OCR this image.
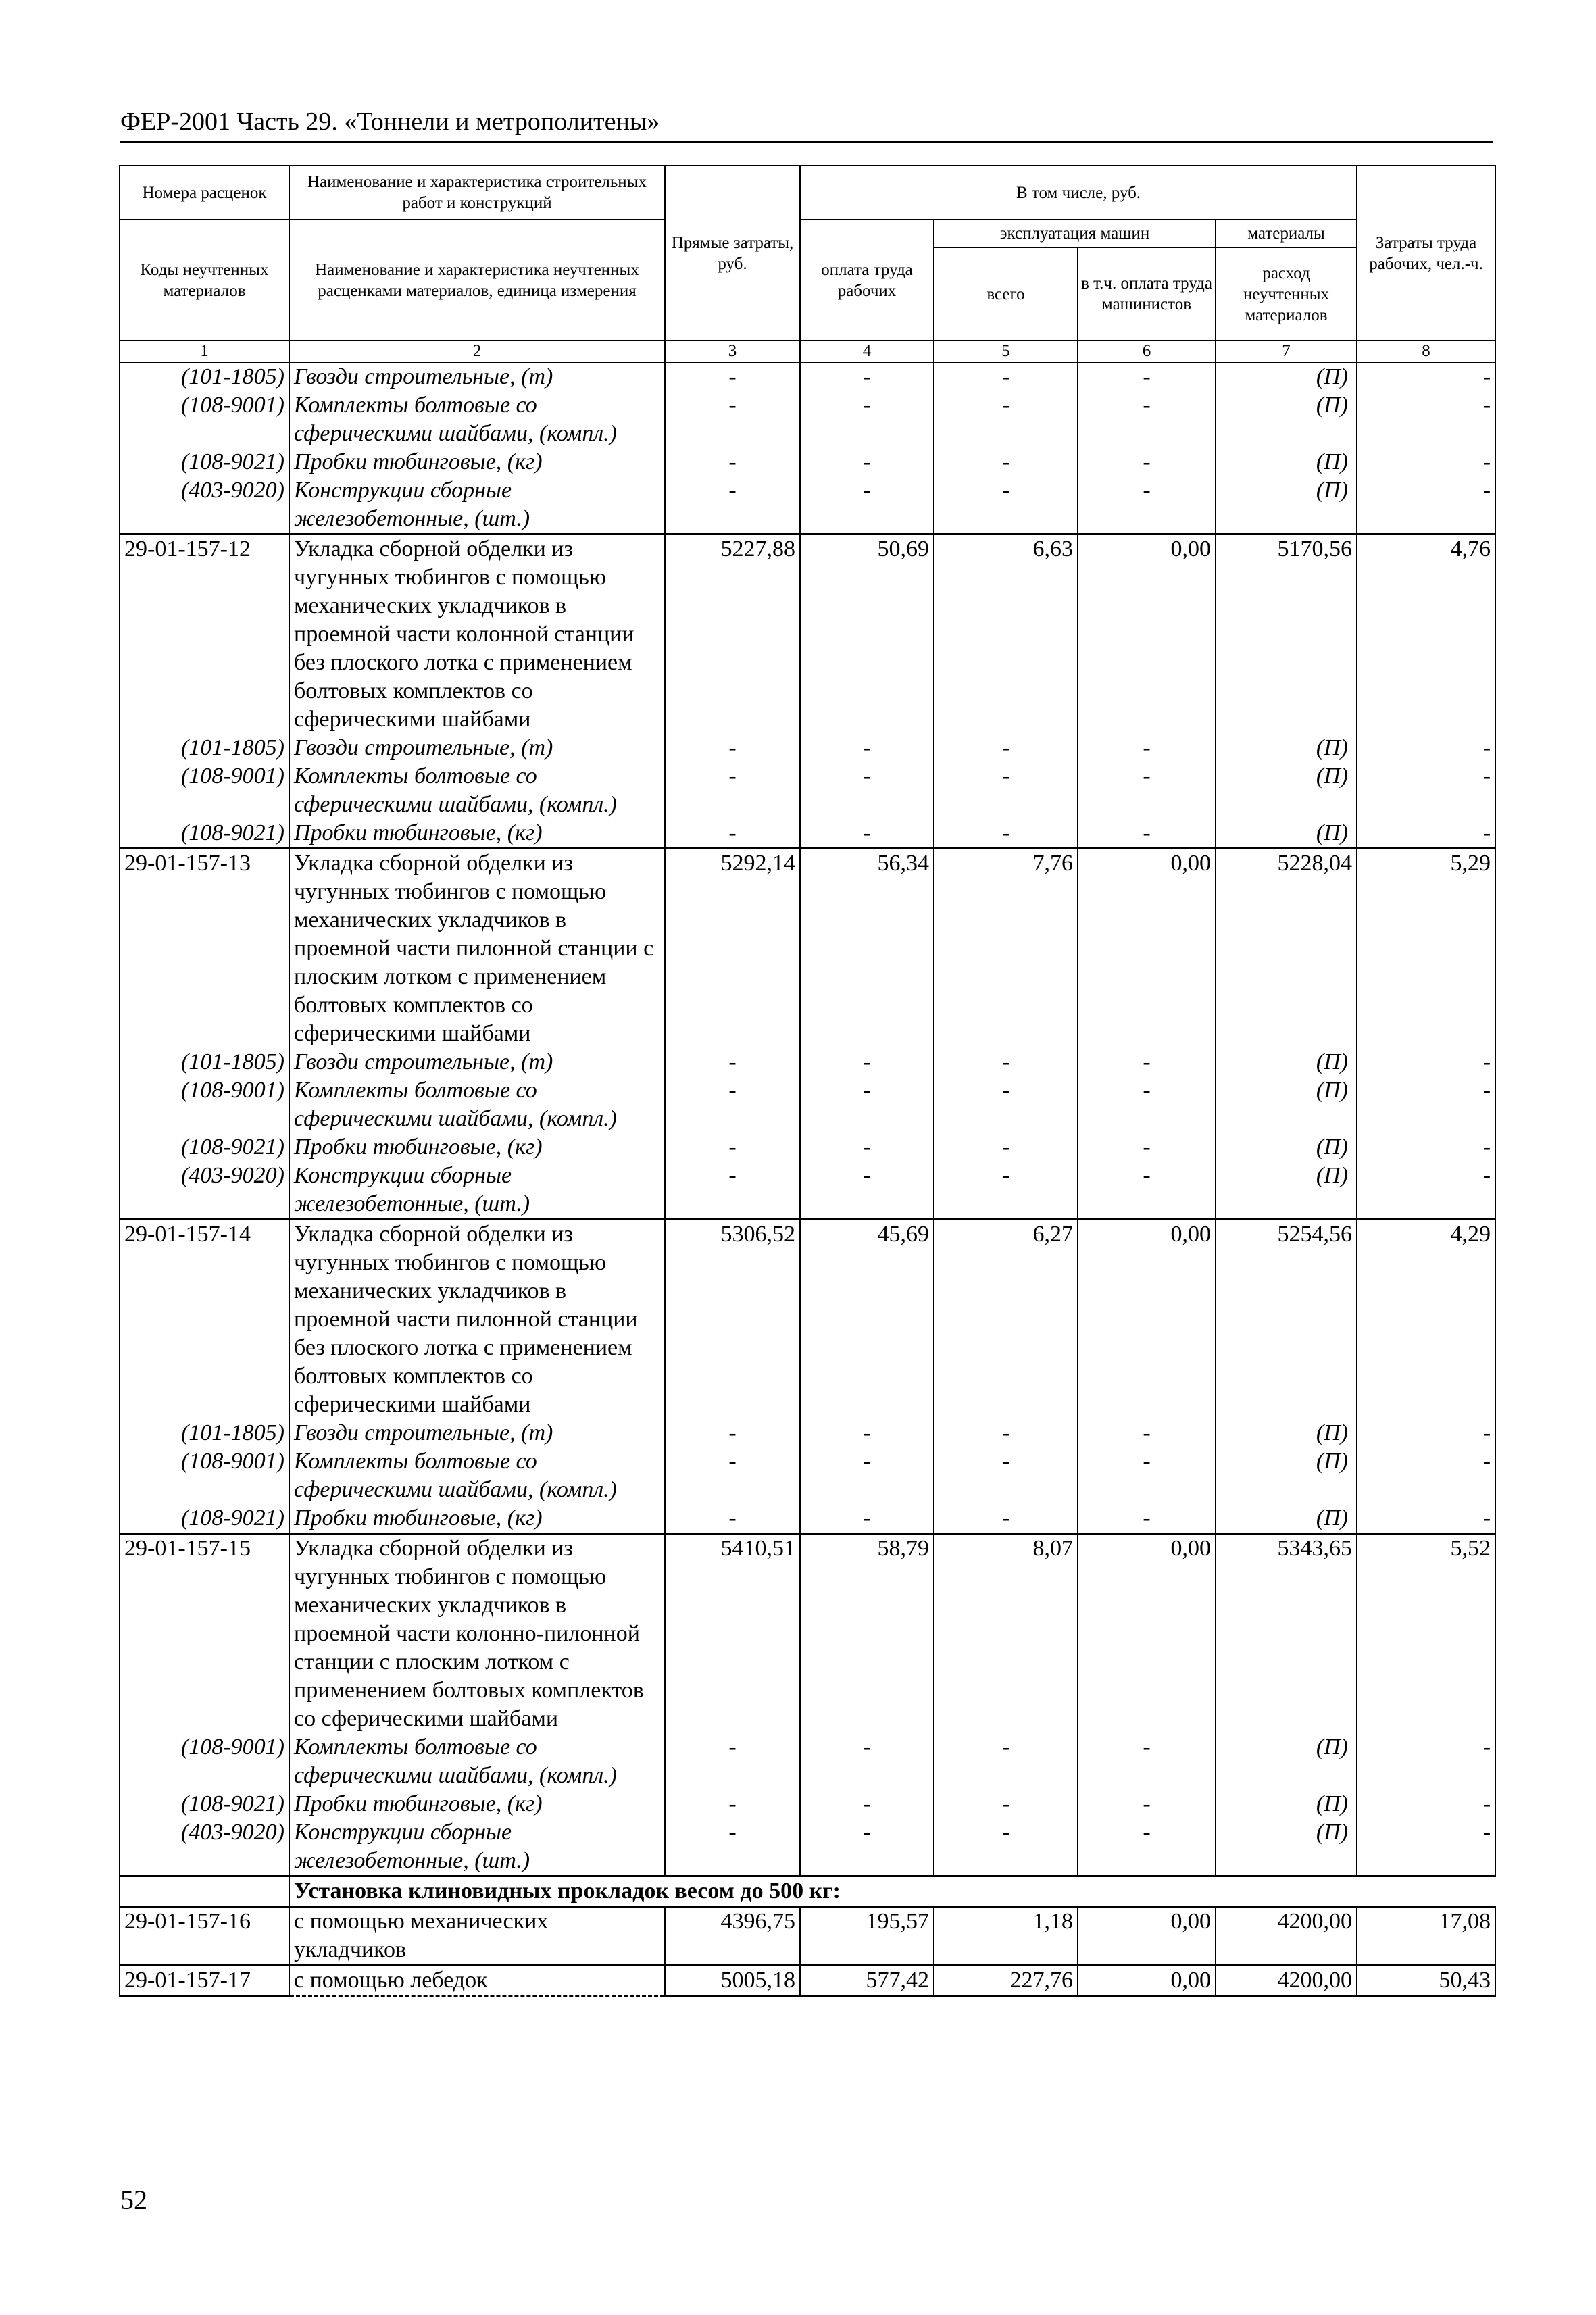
ФЕР-2001 Часть 29. «Тоннели и метрополитены»
Номера расценок	Наименование и характеристика строительных работ и конструкций	Прямые затраты, руб.	В том числе, руб.				Затраты труда рабочих, чел.-ч.
Коды неучтенных материалов	Наименование и характеристика неучтенных расценками материалов, единица измерения		оплата труда рабочих	эксплуатация машин		материалы	
				всего	в т.ч. оплата труда машинистов	расход неучтенных материалов	
1	2	3	4	5	6	7	8
(101-1805)	Гвозди строительные, (т)	-	-	-	-	(П)	-
(108-9001)	Комплекты болтовые со сферическими шайбами, (компл.)	-	-	-	-	(П)	-
(108-9021)	Пробки тюбинговые, (кг)	-	-	-	-	(П)	-
(403-9020)	Конструкции сборные железобетонные, (шт.)	-	-	-	-	(П)	-
29-01-157-12	Укладка сборной обделки из чугунных тюбингов с помощью механических укладчиков в проемной части колонной станции без плоского лотка с применением болтовых комплектов со сферическими шайбами	5227,88	50,69	6,63	0,00	5170,56	4,76
(101-1805)	Гвозди строительные, (т)	-	-	-	-	(П)	-
(108-9001)	Комплекты болтовые со сферическими шайбами, (компл.)	-	-	-	-	(П)	-
(108-9021)	Пробки тюбинговые, (кг)	-	-	-	-	(П)	-
29-01-157-13	Укладка сборной обделки из чугунных тюбингов с помощью механических укладчиков в проемной части пилонной станции с плоским лотком с применением болтовых комплектов со сферическими шайбами	5292,14	56,34	7,76	0,00	5228,04	5,29
(101-1805)	Гвозди строительные, (т)	-	-	-	-	(П)	-
(108-9001)	Комплекты болтовые со сферическими шайбами, (компл.)	-	-	-	-	(П)	-
(108-9021)	Пробки тюбинговые, (кг)	-	-	-	-	(П)	-
(403-9020)	Конструкции сборные железобетонные, (шт.)	-	-	-	-	(П)	-
29-01-157-14	Укладка сборной обделки из чугунных тюбингов с помощью механических укладчиков в проемной части пилонной станции без плоского лотка с применением болтовых комплектов со сферическими шайбами	5306,52	45,69	6,27	0,00	5254,56	4,29
(101-1805)	Гвозди строительные, (т)	-	-	-	-	(П)	-
(108-9001)	Комплекты болтовые со сферическими шайбами, (компл.)	-	-	-	-	(П)	-
(108-9021)	Пробки тюбинговые, (кг)	-	-	-	-	(П)	-
29-01-157-15	Укладка сборной обделки из чугунных тюбингов с помощью механических укладчиков в проемной части колонно-пилонной станции с плоским лотком с применением болтовых комплектов со сферическими шайбами	5410,51	58,79	8,07	0,00	5343,65	5,52
(108-9001)	Комплекты болтовые со сферическими шайбами, (компл.)	-	-	-	-	(П)	-
(108-9021)	Пробки тюбинговые, (кг)	-	-	-	-	(П)	-
(403-9020)	Конструкции сборные железобетонные, (шт.)	-	-	-	-	(П)	-
	Установка клиновидных прокладок весом до 500 кг:						
29-01-157-16	с помощью механических укладчиков	4396,75	195,57	1,18	0,00	4200,00	17,08
29-01-157-17	с помощью лебедок	5005,18	577,42	227,76	0,00	4200,00	50,43
52
